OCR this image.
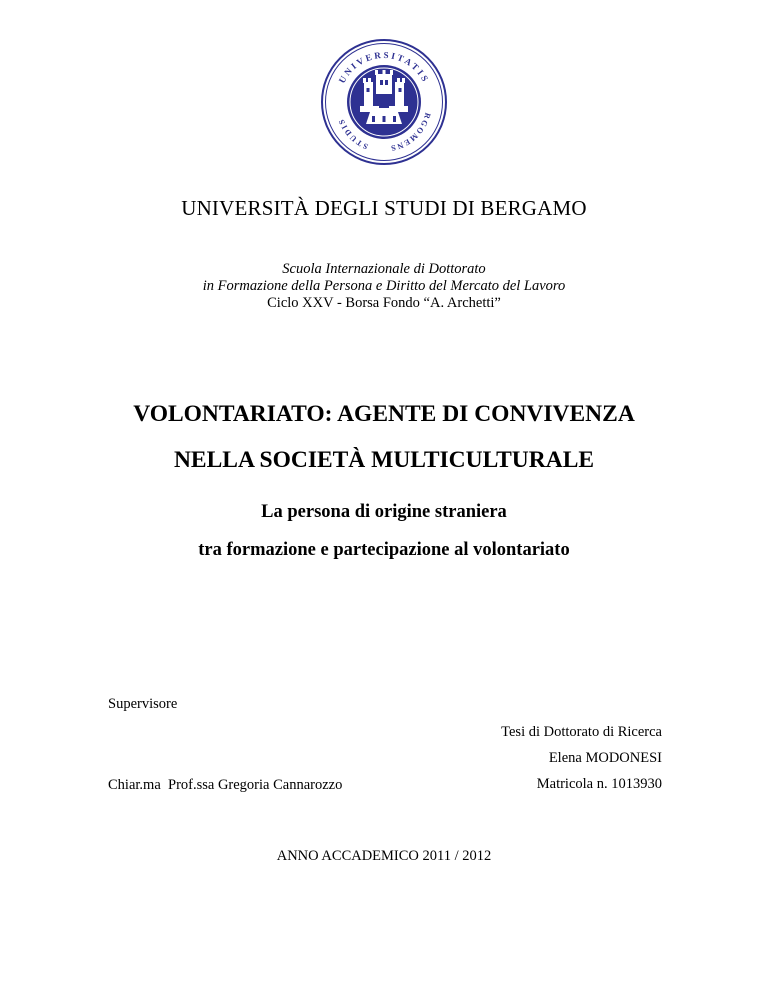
UNIVERSITATIS
RGOMENS
STUDIS
UNIVERSITÀ DEGLI STUDI DI BERGAMO
Scuola Internazionale di Dottorato
in Formazione della Persona e Diritto del Mercato del Lavoro
Ciclo XXV - Borsa Fondo “A. Archetti”
VOLONTARIATO: AGENTE DI CONVIVENZA
NELLA SOCIETÀ MULTICULTURALE
La persona di origine straniera
tra formazione e partecipazione al volontariato

Supervisore

Chiar.ma  Prof.ssa Gregoria Cannarozzo

Tesi di Dottorato di Ricerca
Elena MODONESI
Matricola n. 1013930
ANNO ACCADEMICO 2011 / 2012
